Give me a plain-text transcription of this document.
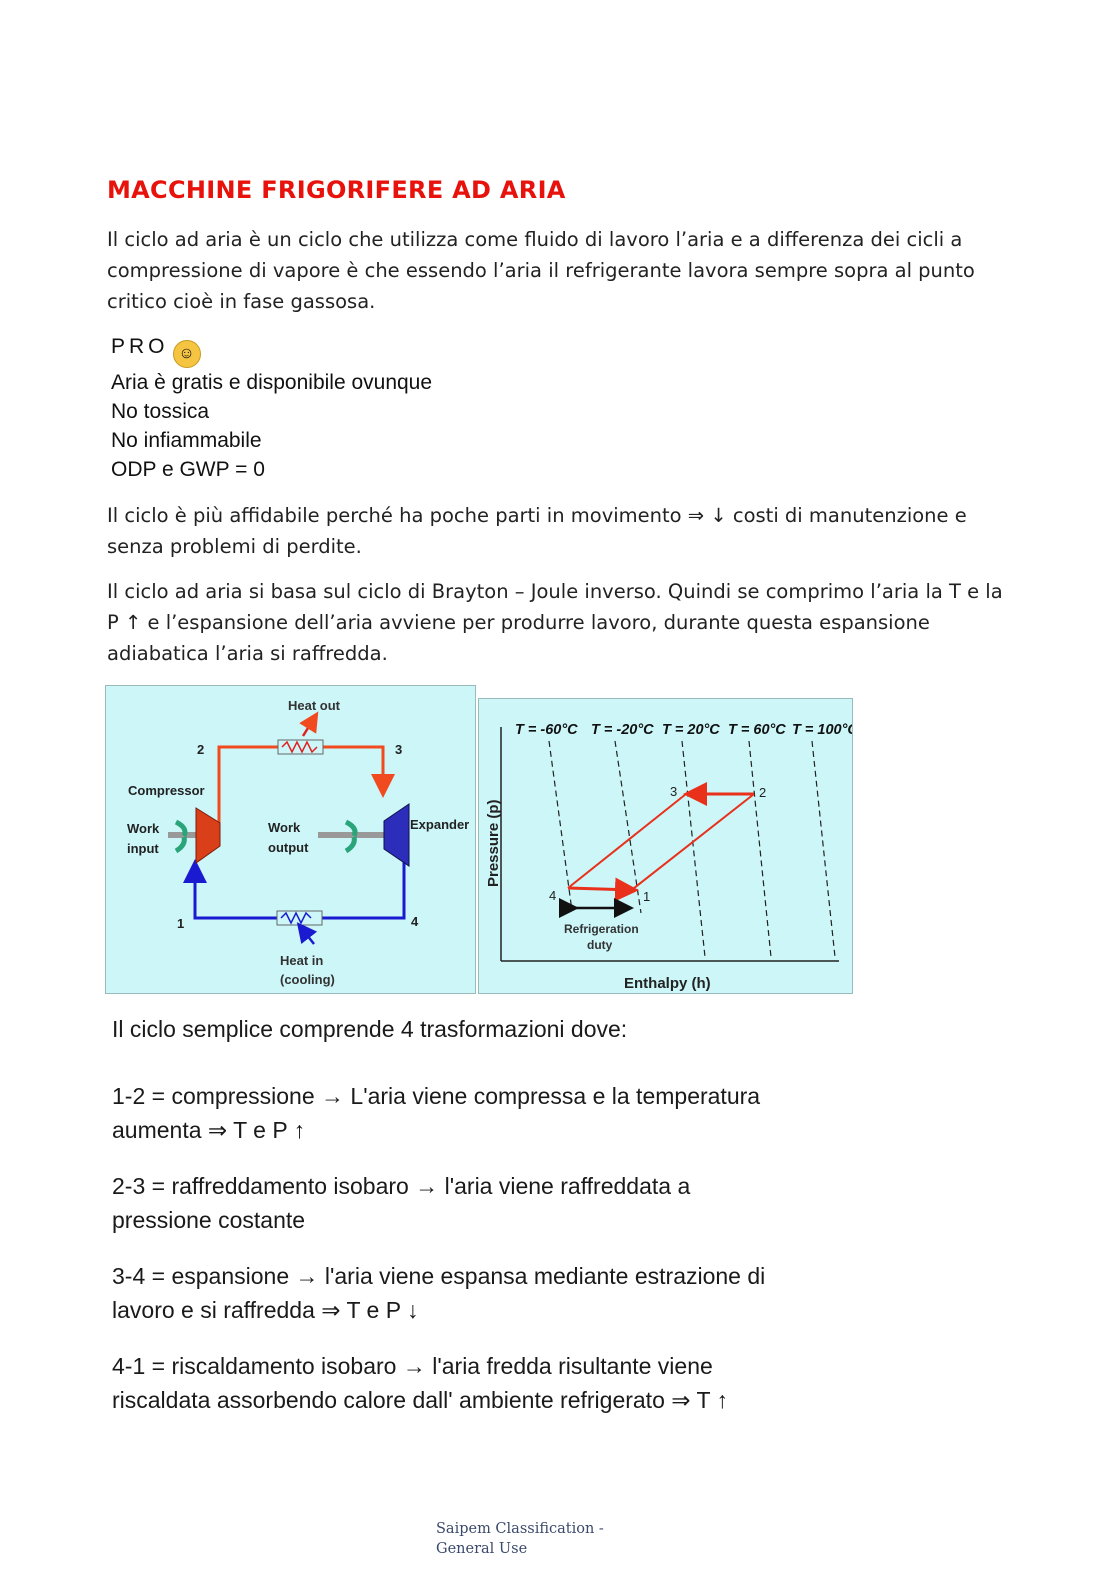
MACCHINE FRIGORIFERE AD ARIA
Il ciclo ad aria è un ciclo che utilizza come fluido di lavoro l’aria e a differenza dei cicli a compressione di vapore è che essendo l’aria il refrigerante lavora sempre sopra al punto critico cioè in fase gassosa.
PRO ☺
Aria è gratis e disponibile ovunque
No tossica
No infiammabile
ODP e GWP = 0
Il ciclo è più affidabile perché ha poche parti in movimento ⇒ ↓ costi di manutenzione e senza problemi di perdite.
Il ciclo ad aria si basa sul ciclo di Brayton – Joule inverso. Quindi se comprimo l’aria la T e la P ↑ e l’espansione dell’aria avviene per produrre lavoro, durante questa espansione adiabatica l’aria si raffredda.
Heat out
2	3
1	4
Compressor
Expander
Work
input
Work
output
Heat in
(cooling)
T = -60°C T = -20°C T = 20°C T = 60°C T = 100°C
3	2
4	1
Refrigeration
duty
Enthalpy (h)
Pressure (p)
Il ciclo semplice comprende 4 trasformazioni dove:
1-2 = compressione → L'aria viene compressa e la temperatura aumenta ⇒ T e P ↑
2-3 = raffreddamento isobaro → l'aria viene raffreddata a pressione costante
3-4 = espansione → l'aria viene espansa mediante estrazione di lavoro e si raffredda ⇒ T e P ↓
4-1 = riscaldamento isobaro → l'aria fredda risultante viene riscaldata assorbendo calore dall' ambiente refrigerato ⇒ T ↑
Saipem Classification -
General Use
